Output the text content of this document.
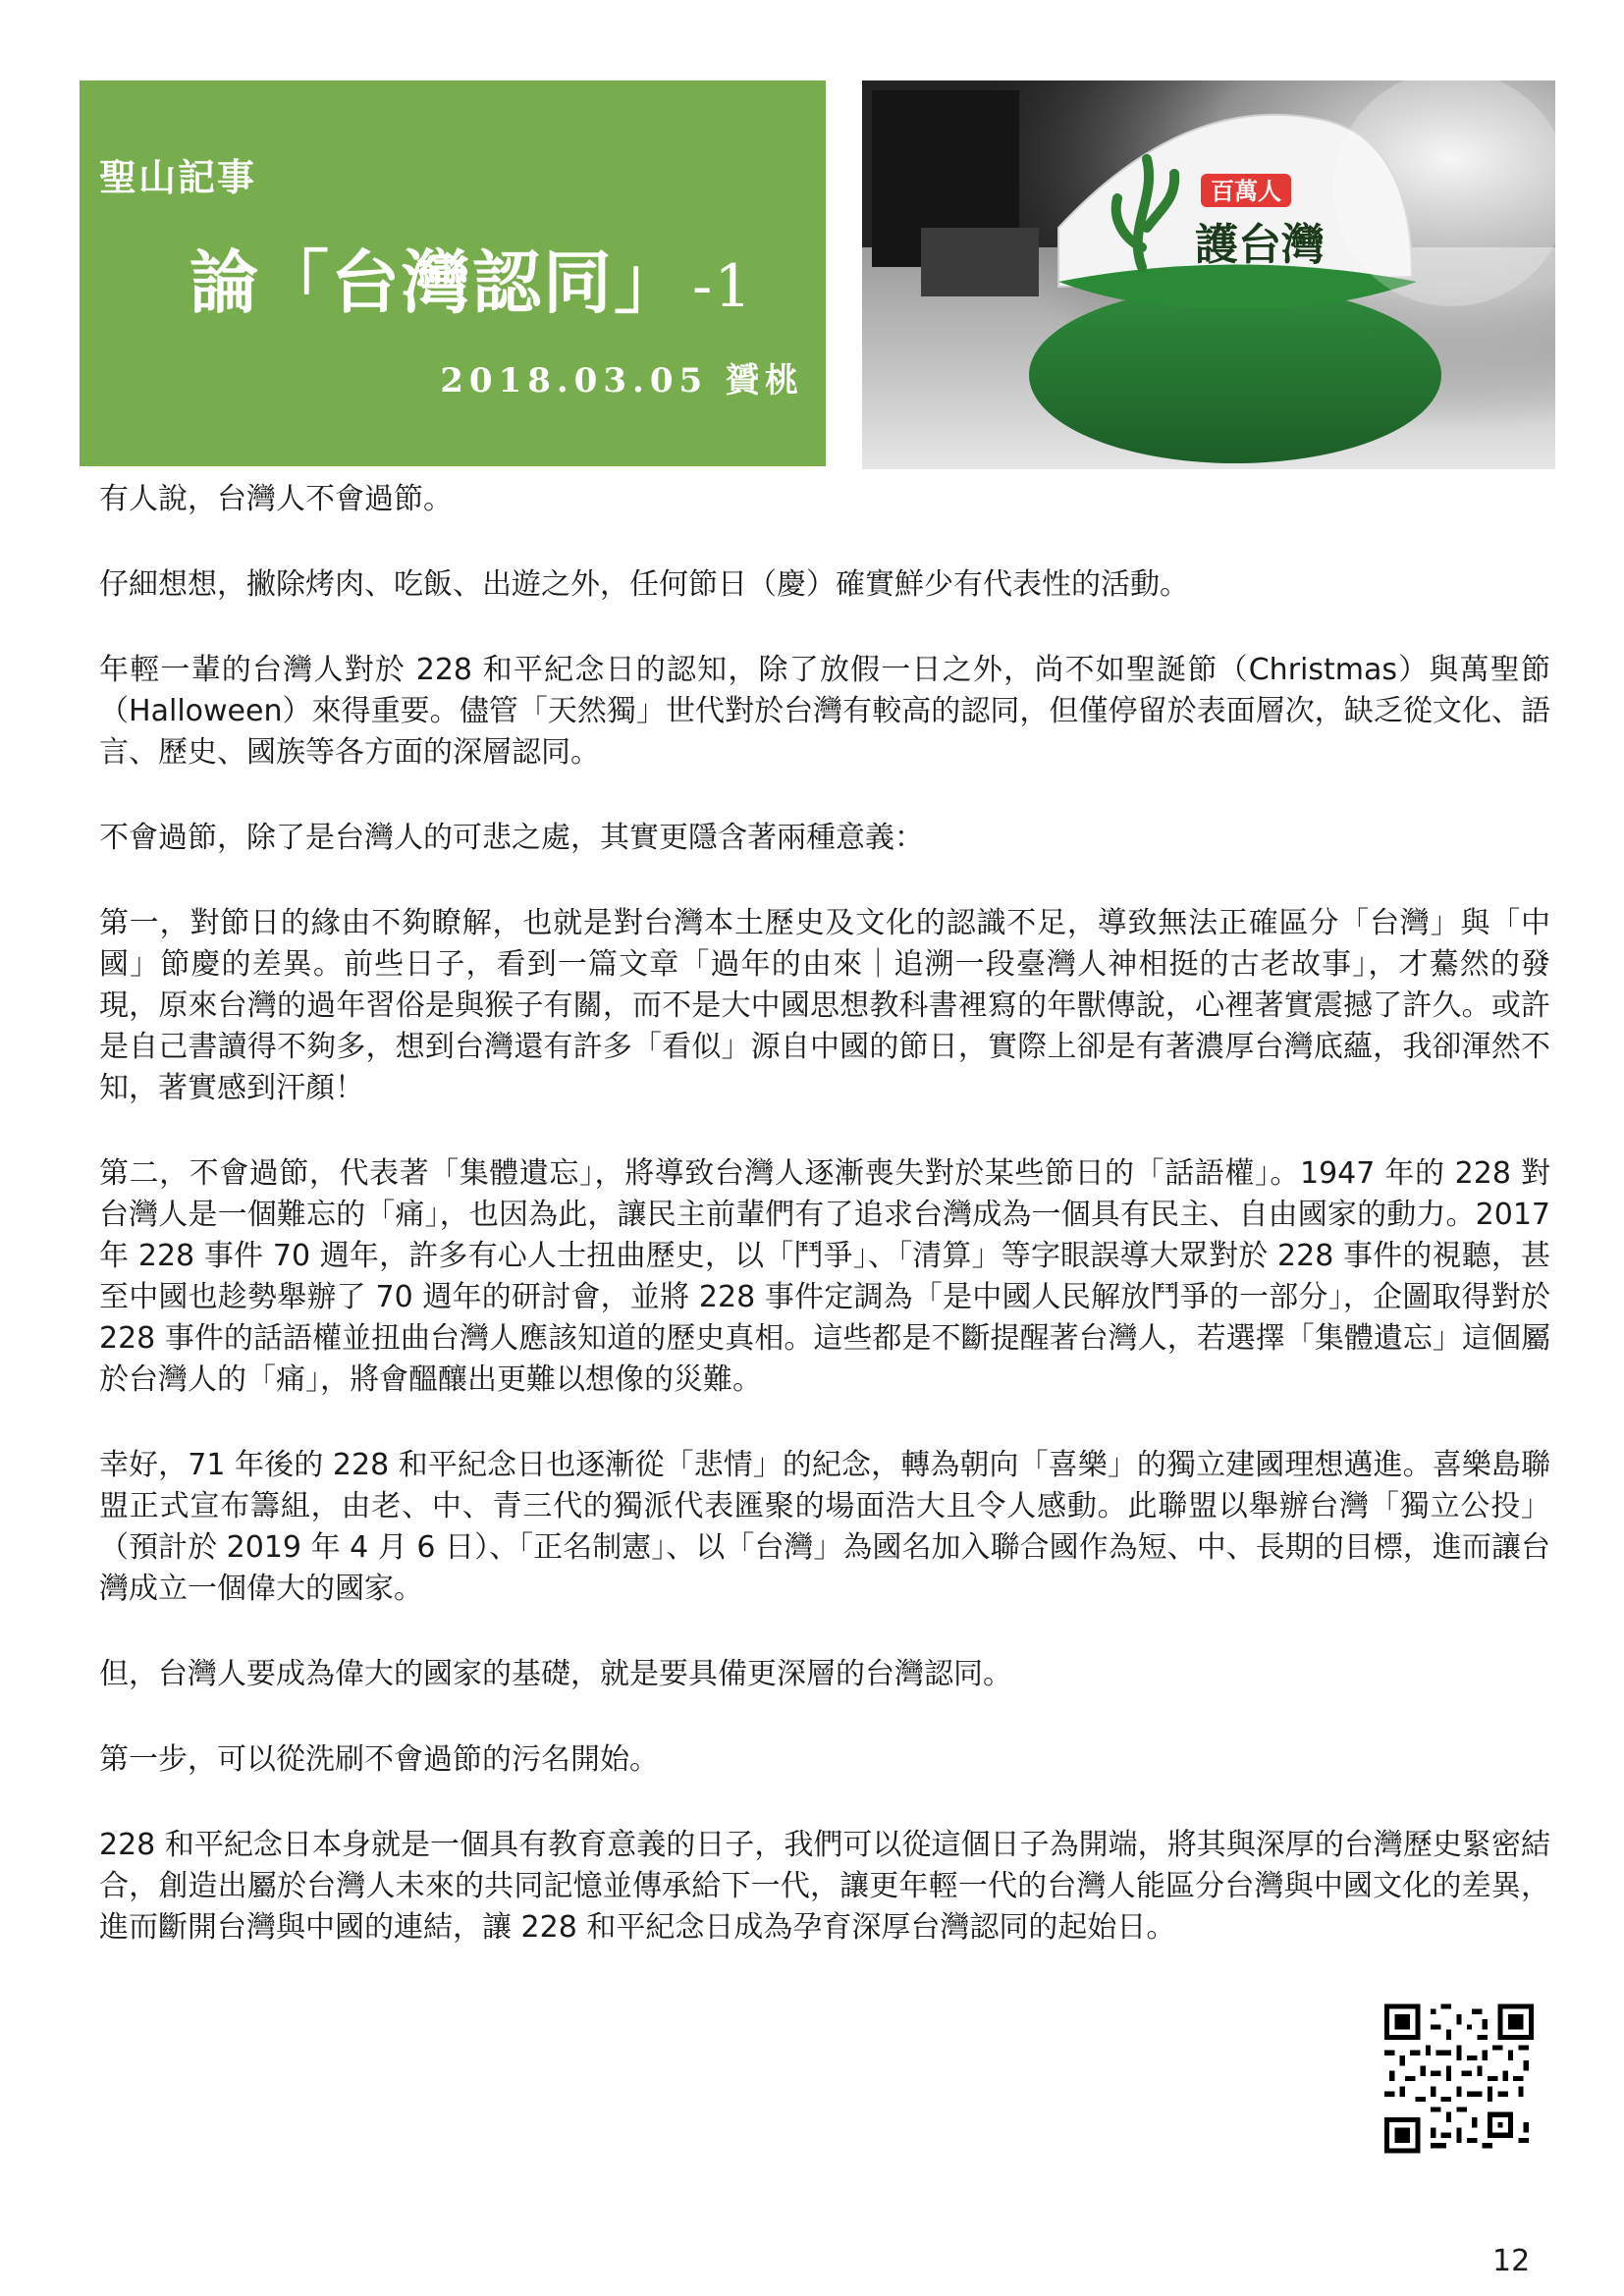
聖山記事
論「台灣認同」 -1
2018.03.05 贇桃
百萬人
護台灣

有人說，台灣人不會過節。

仔細想想，撇除烤肉、吃飯、出遊之外，任何節日（慶）確實鮮少有代表性的活動。

年輕一輩的台灣人對於 228 和平紀念日的認知，除了放假一日之外，尚不如聖誕節（Christmas）與萬聖節（Halloween）來得重要。儘管「天然獨」世代對於台灣有較高的認同，但僅停留於表面層次，缺乏從文化、語言、歷史、國族等各方面的深層認同。

不會過節，除了是台灣人的可悲之處，其實更隱含著兩種意義：

第一，對節日的緣由不夠瞭解，也就是對台灣本土歷史及文化的認識不足，導致無法正確區分「台灣」與「中國」節慶的差異。前些日子，看到一篇文章「過年的由來｜追溯一段臺灣人神相挺的古老故事」，才驀然的發現，原來台灣的過年習俗是與猴子有關，而不是大中國思想教科書裡寫的年獸傳說，心裡著實震撼了許久。或許是自己書讀得不夠多，想到台灣還有許多「看似」源自中國的節日，實際上卻是有著濃厚台灣底蘊，我卻渾然不知，著實感到汗顏！

第二，不會過節，代表著「集體遺忘」，將導致台灣人逐漸喪失對於某些節日的「話語權」。1947 年的 228 對台灣人是一個難忘的「痛」，也因為此，讓民主前輩們有了追求台灣成為一個具有民主、自由國家的動力。2017 年 228 事件 70 週年，許多有心人士扭曲歷史，以「鬥爭」、「清算」等字眼誤導大眾對於 228 事件的視聽，甚至中國也趁勢舉辦了 70 週年的研討會，並將 228 事件定調為「是中國人民解放鬥爭的一部分」，企圖取得對於 228 事件的話語權並扭曲台灣人應該知道的歷史真相。這些都是不斷提醒著台灣人，若選擇「集體遺忘」這個屬於台灣人的「痛」，將會醞釀出更難以想像的災難。

幸好，71 年後的 228 和平紀念日也逐漸從「悲情」的紀念，轉為朝向「喜樂」的獨立建國理想邁進。喜樂島聯盟正式宣布籌組，由老、中、青三代的獨派代表匯聚的場面浩大且令人感動。此聯盟以舉辦台灣「獨立公投」（預計於 2019 年 4 月 6 日）、「正名制憲」、以「台灣」為國名加入聯合國作為短、中、長期的目標，進而讓台灣成立一個偉大的國家。

但，台灣人要成為偉大的國家的基礎，就是要具備更深層的台灣認同。

第一步，可以從洗刷不會過節的污名開始。

228 和平紀念日本身就是一個具有教育意義的日子，我們可以從這個日子為開端，將其與深厚的台灣歷史緊密結合，創造出屬於台灣人未來的共同記憶並傳承給下一代，讓更年輕一代的台灣人能區分台灣與中國文化的差異，進而斷開台灣與中國的連結，讓 228 和平紀念日成為孕育深厚台灣認同的起始日。

12
